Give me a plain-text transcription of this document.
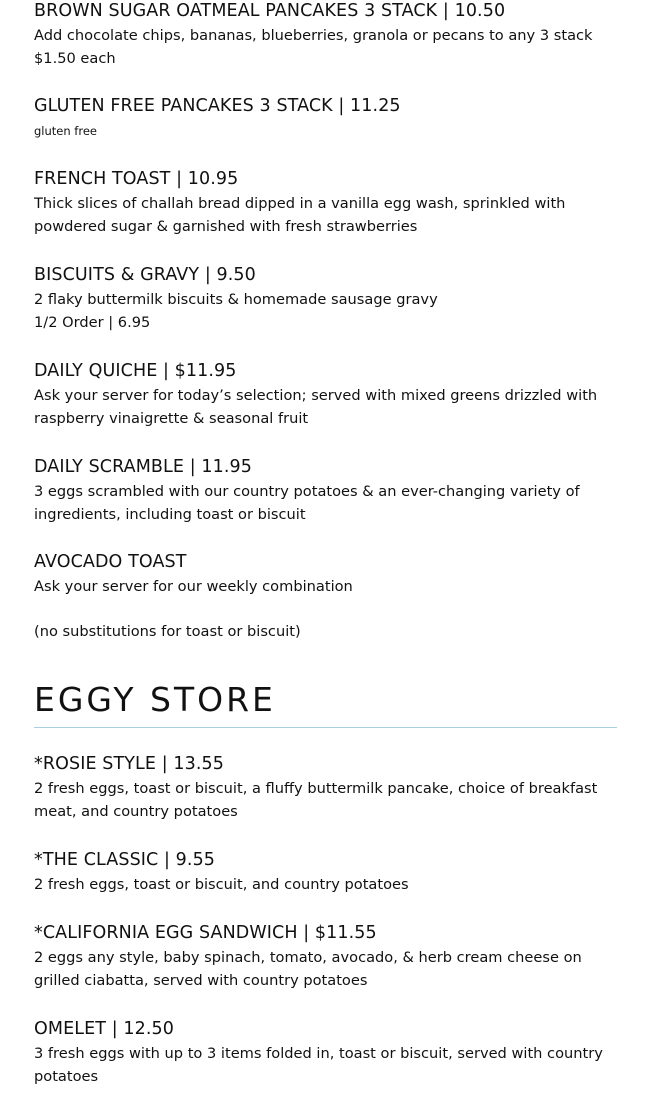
BROWN SUGAR OATMEAL PANCAKES 3 STACK | 10.50

Add chocolate chips, bananas, blueberries, granola or pecans to any 3 stack $1.50 each

GLUTEN FREE PANCAKES 3 STACK | 11.25

gluten free

FRENCH TOAST | 10.95

Thick slices of challah bread dipped in a vanilla egg wash, sprinkled with powdered sugar & garnished with fresh strawberries

BISCUITS & GRAVY | 9.50

2 flaky buttermilk biscuits & homemade sausage gravy

1/2 Order | 6.95

DAILY QUICHE | $11.95

Ask your server for today’s selection; served with mixed greens drizzled with raspberry vinaigrette & seasonal fruit

DAILY SCRAMBLE | 11.95

3 eggs scrambled with our country potatoes & an ever-changing variety of ingredients, including toast or biscuit

AVOCADO TOAST

Ask your server for our weekly combination

(no substitutions for toast or biscuit)

EGGY STORE

*ROSIE STYLE | 13.55

2 fresh eggs, toast or biscuit, a fluffy buttermilk pancake, choice of breakfast meat, and country potatoes

*THE CLASSIC | 9.55

2 fresh eggs, toast or biscuit, and country potatoes

*CALIFORNIA EGG SANDWICH | $11.55

2 eggs any style, baby spinach, tomato, avocado, & herb cream cheese on grilled ciabatta, served with country potatoes

OMELET | 12.50

3 fresh eggs with up to 3 items folded in, toast or biscuit, served with country potatoes
